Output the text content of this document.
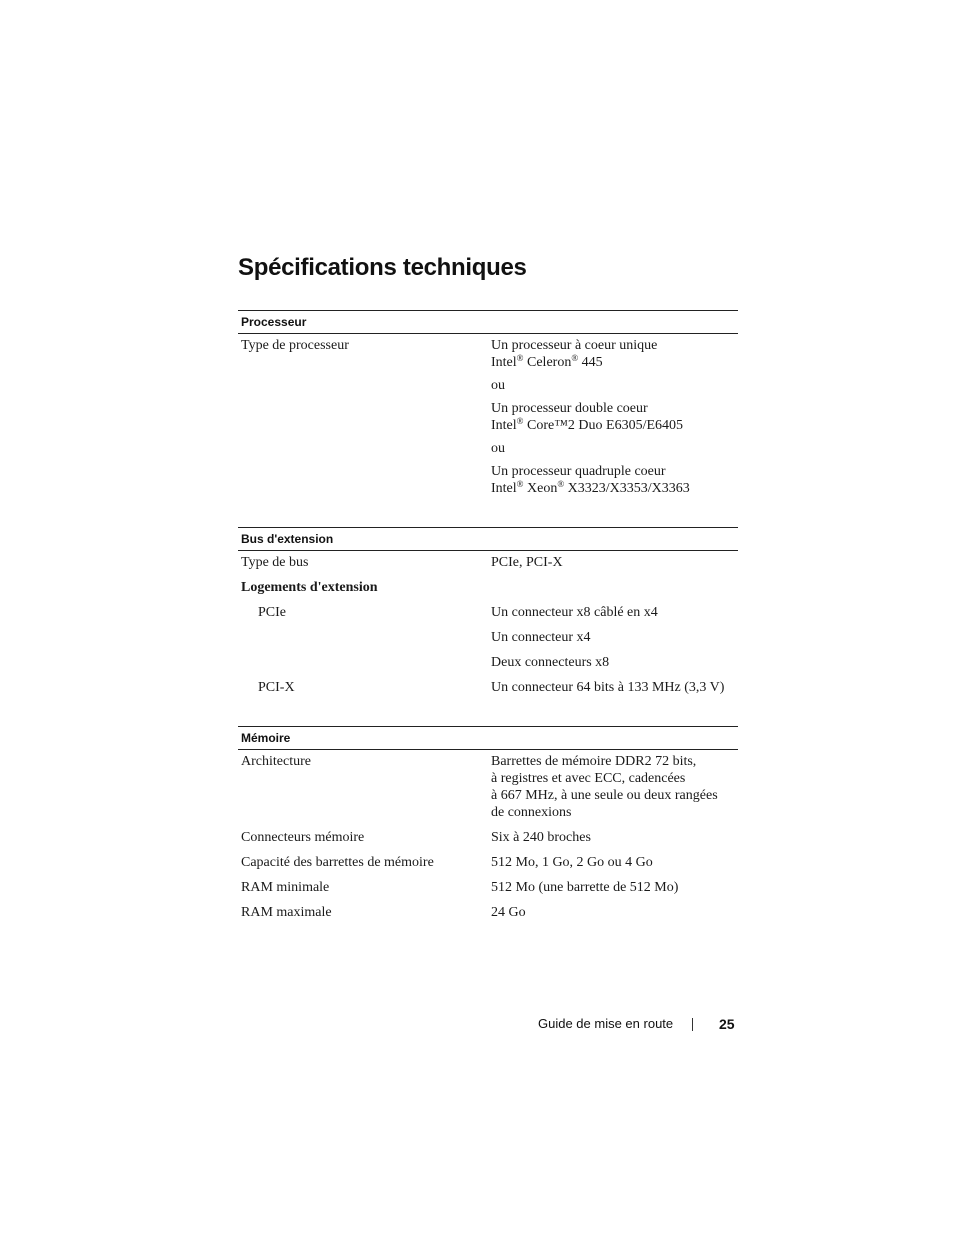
Spécifications techniques
Processeur
Type de processeur	Un processeur à coeur unique
Intel® Celeron® 445
ou
Un processeur double coeur
Intel® Core™2 Duo E6305/E6405
ou
Un processeur quadruple coeur
Intel® Xeon® X3323/X3353/X3363
Bus d'extension
Type de bus	PCIe, PCI-X
Logements d'extension
PCIe	Un connecteur x8 câblé en x4
Un connecteur x4
Deux connecteurs x8
PCI-X	Un connecteur 64 bits à 133 MHz (3,3 V)
Mémoire
Architecture	Barrettes de mémoire DDR2 72 bits,
à registres et avec ECC, cadencées
à 667 MHz, à une seule ou deux rangées
de connexions
Connecteurs mémoire	Six à 240 broches
Capacité des barrettes de mémoire	512 Mo, 1 Go, 2 Go ou 4 Go
RAM minimale	512 Mo (une barrette de 512 Mo)
RAM maximale	24 Go
Guide de mise en route	25
